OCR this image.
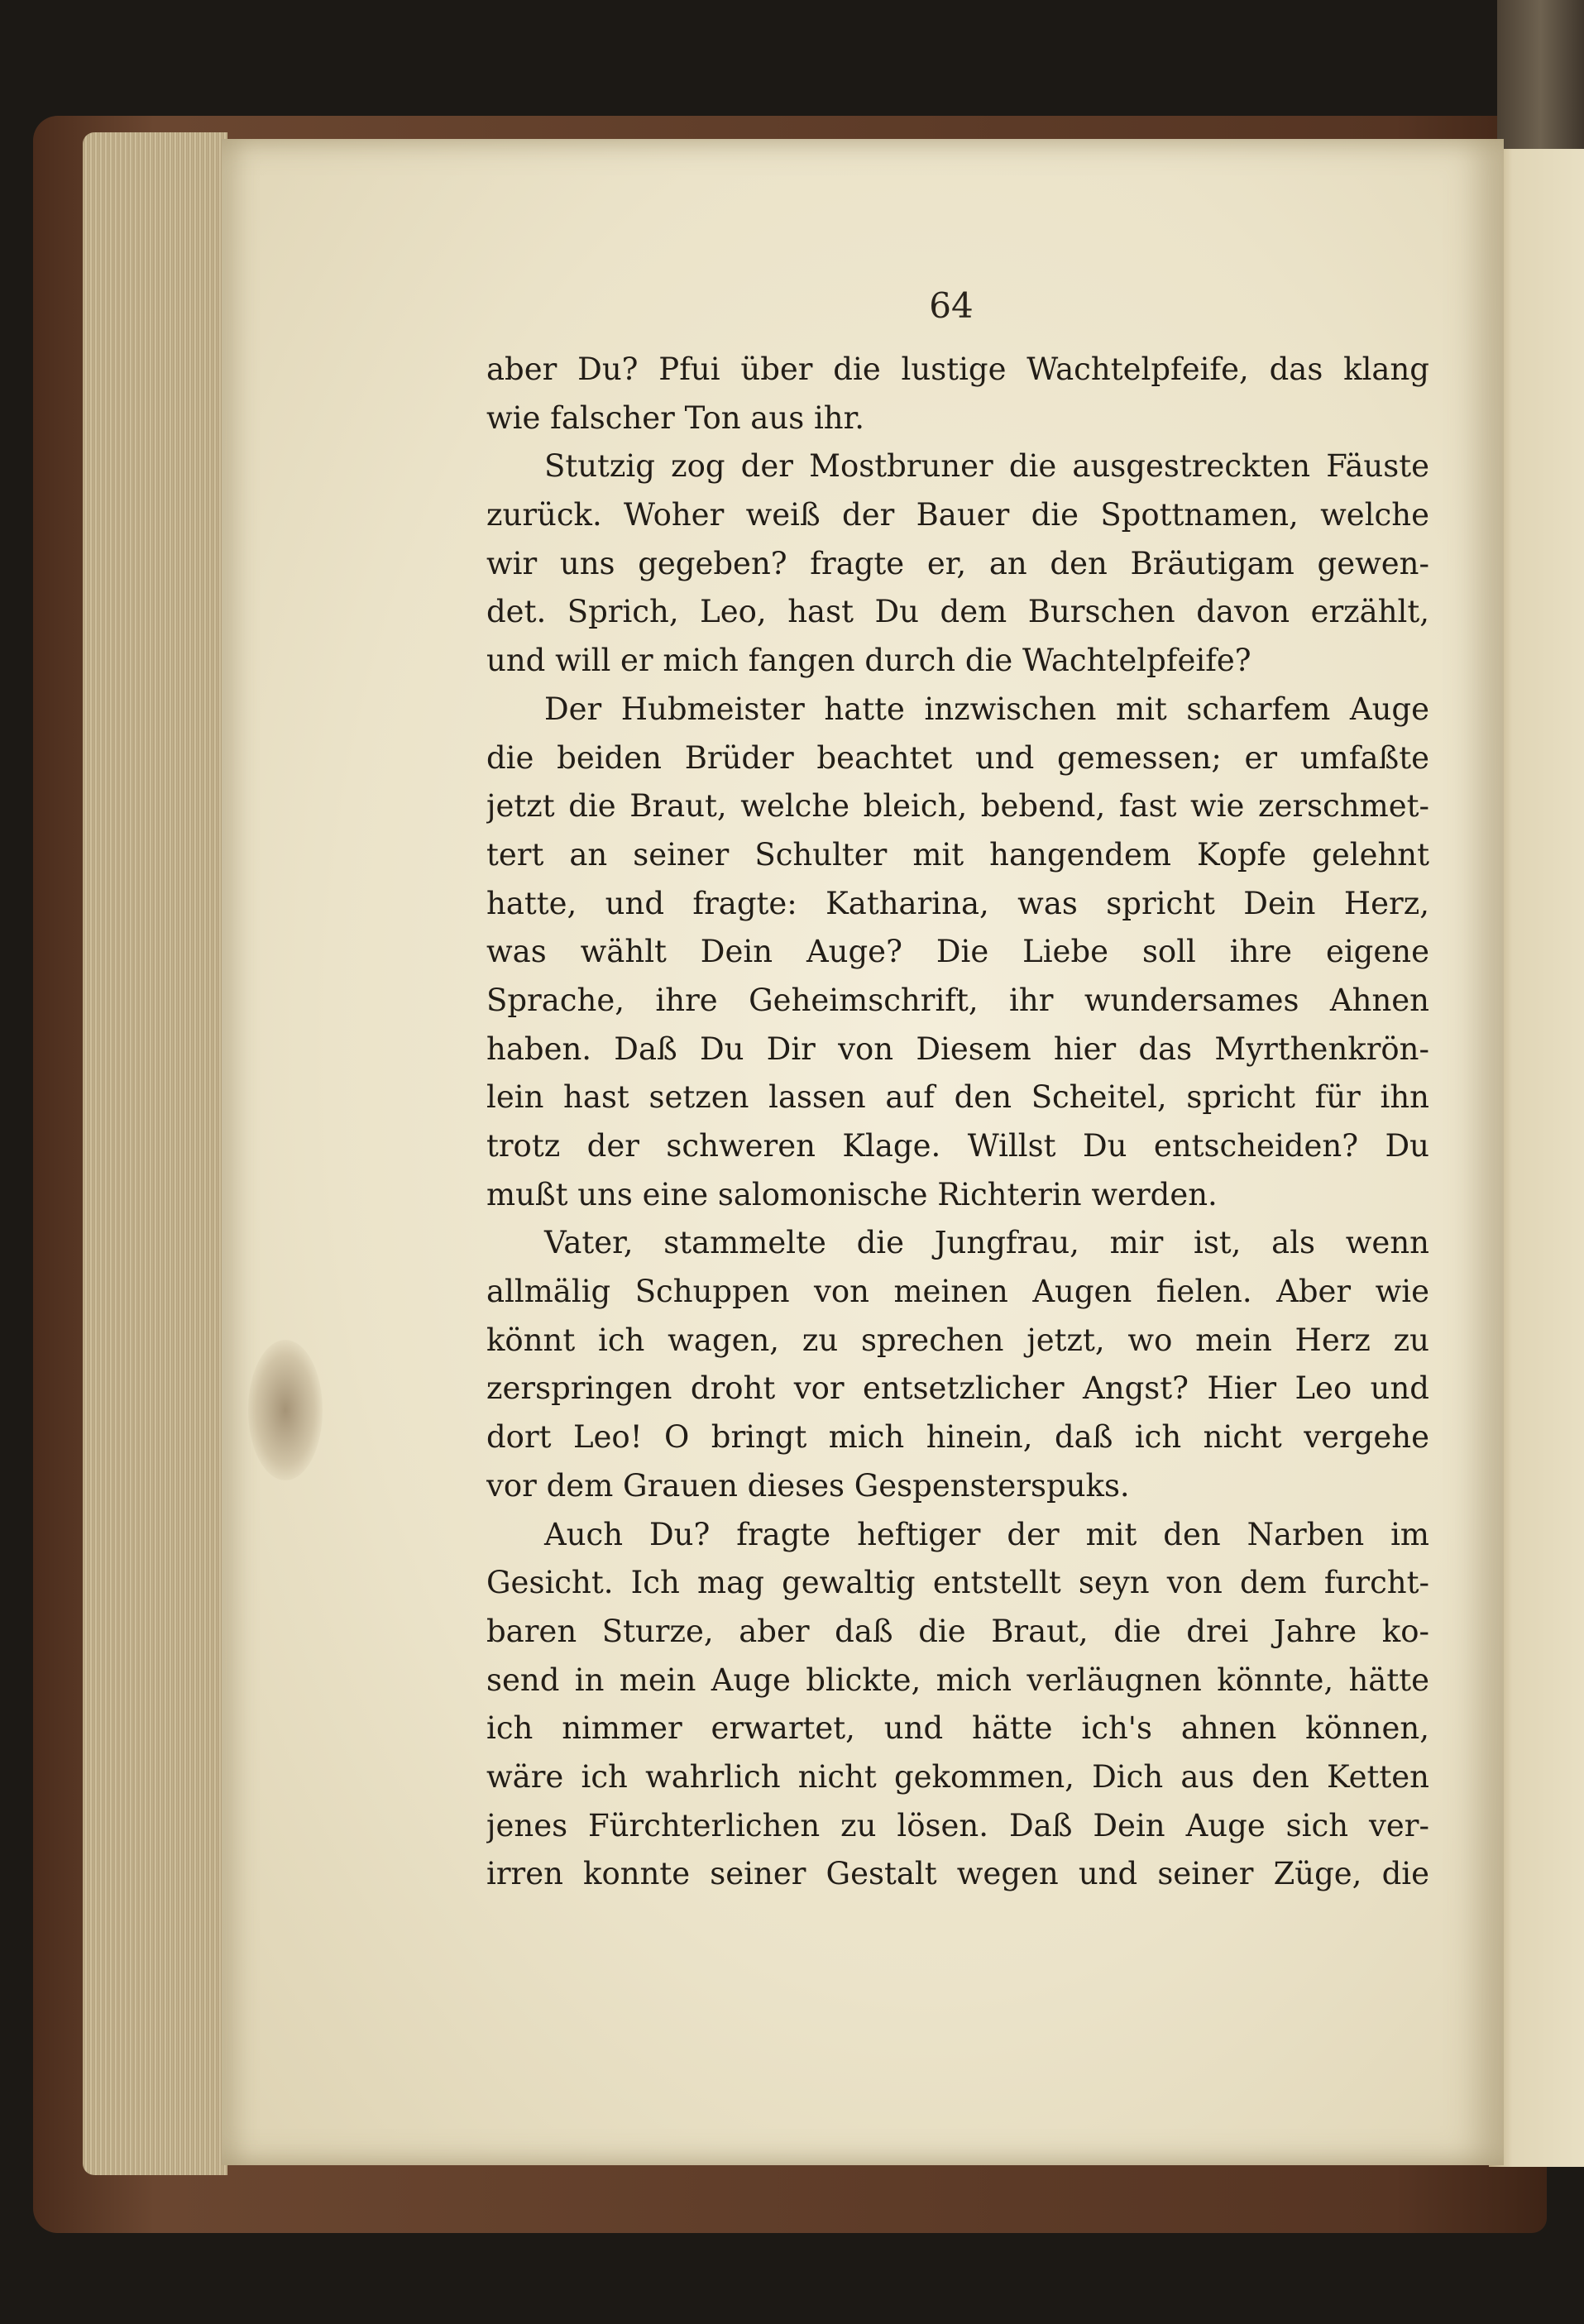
64
aber Du? Pfui über die lustige Wachtelpfeife, das klang
wie falscher Ton aus ihr.
Stutzig zog der Mostbruner die ausgestreckten Fäuste
zurück. Woher weiß der Bauer die Spottnamen, welche
wir uns gegeben? fragte er, an den Bräutigam gewen-
det. Sprich, Leo, hast Du dem Burschen davon erzählt,
und will er mich fangen durch die Wachtelpfeife?
Der Hubmeister hatte inzwischen mit scharfem Auge
die beiden Brüder beachtet und gemessen; er umfaßte
jetzt die Braut, welche bleich, bebend, fast wie zerschmet-
tert an seiner Schulter mit hangendem Kopfe gelehnt
hatte, und fragte: Katharina, was spricht Dein Herz,
was wählt Dein Auge? Die Liebe soll ihre eigene
Sprache, ihre Geheimschrift, ihr wundersames Ahnen
haben. Daß Du Dir von Diesem hier das Myrthenkrön-
lein hast setzen lassen auf den Scheitel, spricht für ihn
trotz der schweren Klage. Willst Du entscheiden? Du
mußt uns eine salomonische Richterin werden.
Vater, stammelte die Jungfrau, mir ist, als wenn
allmälig Schuppen von meinen Augen fielen. Aber wie
könnt ich wagen, zu sprechen jetzt, wo mein Herz zu
zerspringen droht vor entsetzlicher Angst? Hier Leo und
dort Leo! O bringt mich hinein, daß ich nicht vergehe
vor dem Grauen dieses Gespensterspuks.
Auch Du? fragte heftiger der mit den Narben im
Gesicht. Ich mag gewaltig entstellt seyn von dem furcht-
baren Sturze, aber daß die Braut, die drei Jahre ko-
send in mein Auge blickte, mich verläugnen könnte, hätte
ich nimmer erwartet, und hätte ich's ahnen können,
wäre ich wahrlich nicht gekommen, Dich aus den Ketten
jenes Fürchterlichen zu lösen. Daß Dein Auge sich ver-
irren konnte seiner Gestalt wegen und seiner Züge, die
